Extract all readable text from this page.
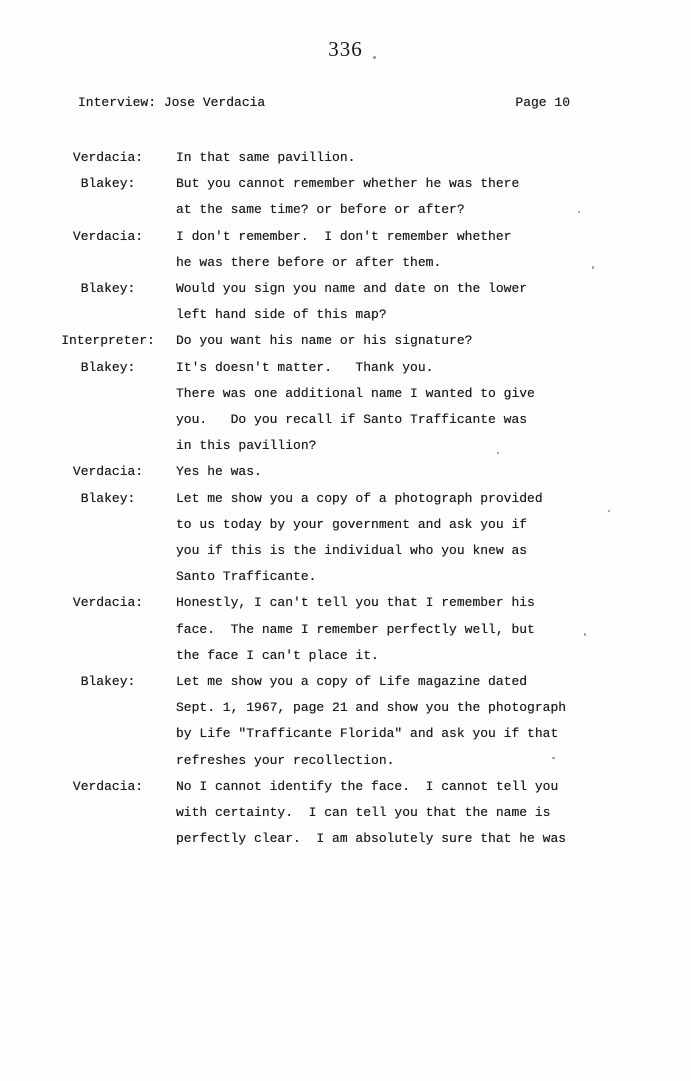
336
Interview: Jose Verdacia	Page 10
Verdacia:	In that same pavillion.
Blakey:	But you cannot remember whether he was there
at the same time? or before or after?
Verdacia:	I don't remember.  I don't remember whether
he was there before or after them.
Blakey:	Would you sign you name and date on the lower
left hand side of this map?
Interpreter:	Do you want his name or his signature?
Blakey:	It's doesn't matter.   Thank you.
There was one additional name I wanted to give
you.   Do you recall if Santo Trafficante was
in this pavillion?
Verdacia:	Yes he was.
Blakey:	Let me show you a copy of a photograph provided
to us today by your government and ask you if
you if this is the individual who you knew as
Santo Trafficante.
Verdacia:	Honestly, I can't tell you that I remember his
face.  The name I remember perfectly well, but
the face I can't place it.
Blakey:	Let me show you a copy of Life magazine dated
Sept. 1, 1967, page 21 and show you the photograph
by Life "Trafficante Florida" and ask you if that
refreshes your recollection.
Verdacia:	No I cannot identify the face.  I cannot tell you
with certainty.  I can tell you that the name is
perfectly clear.  I am absolutely sure that he was
